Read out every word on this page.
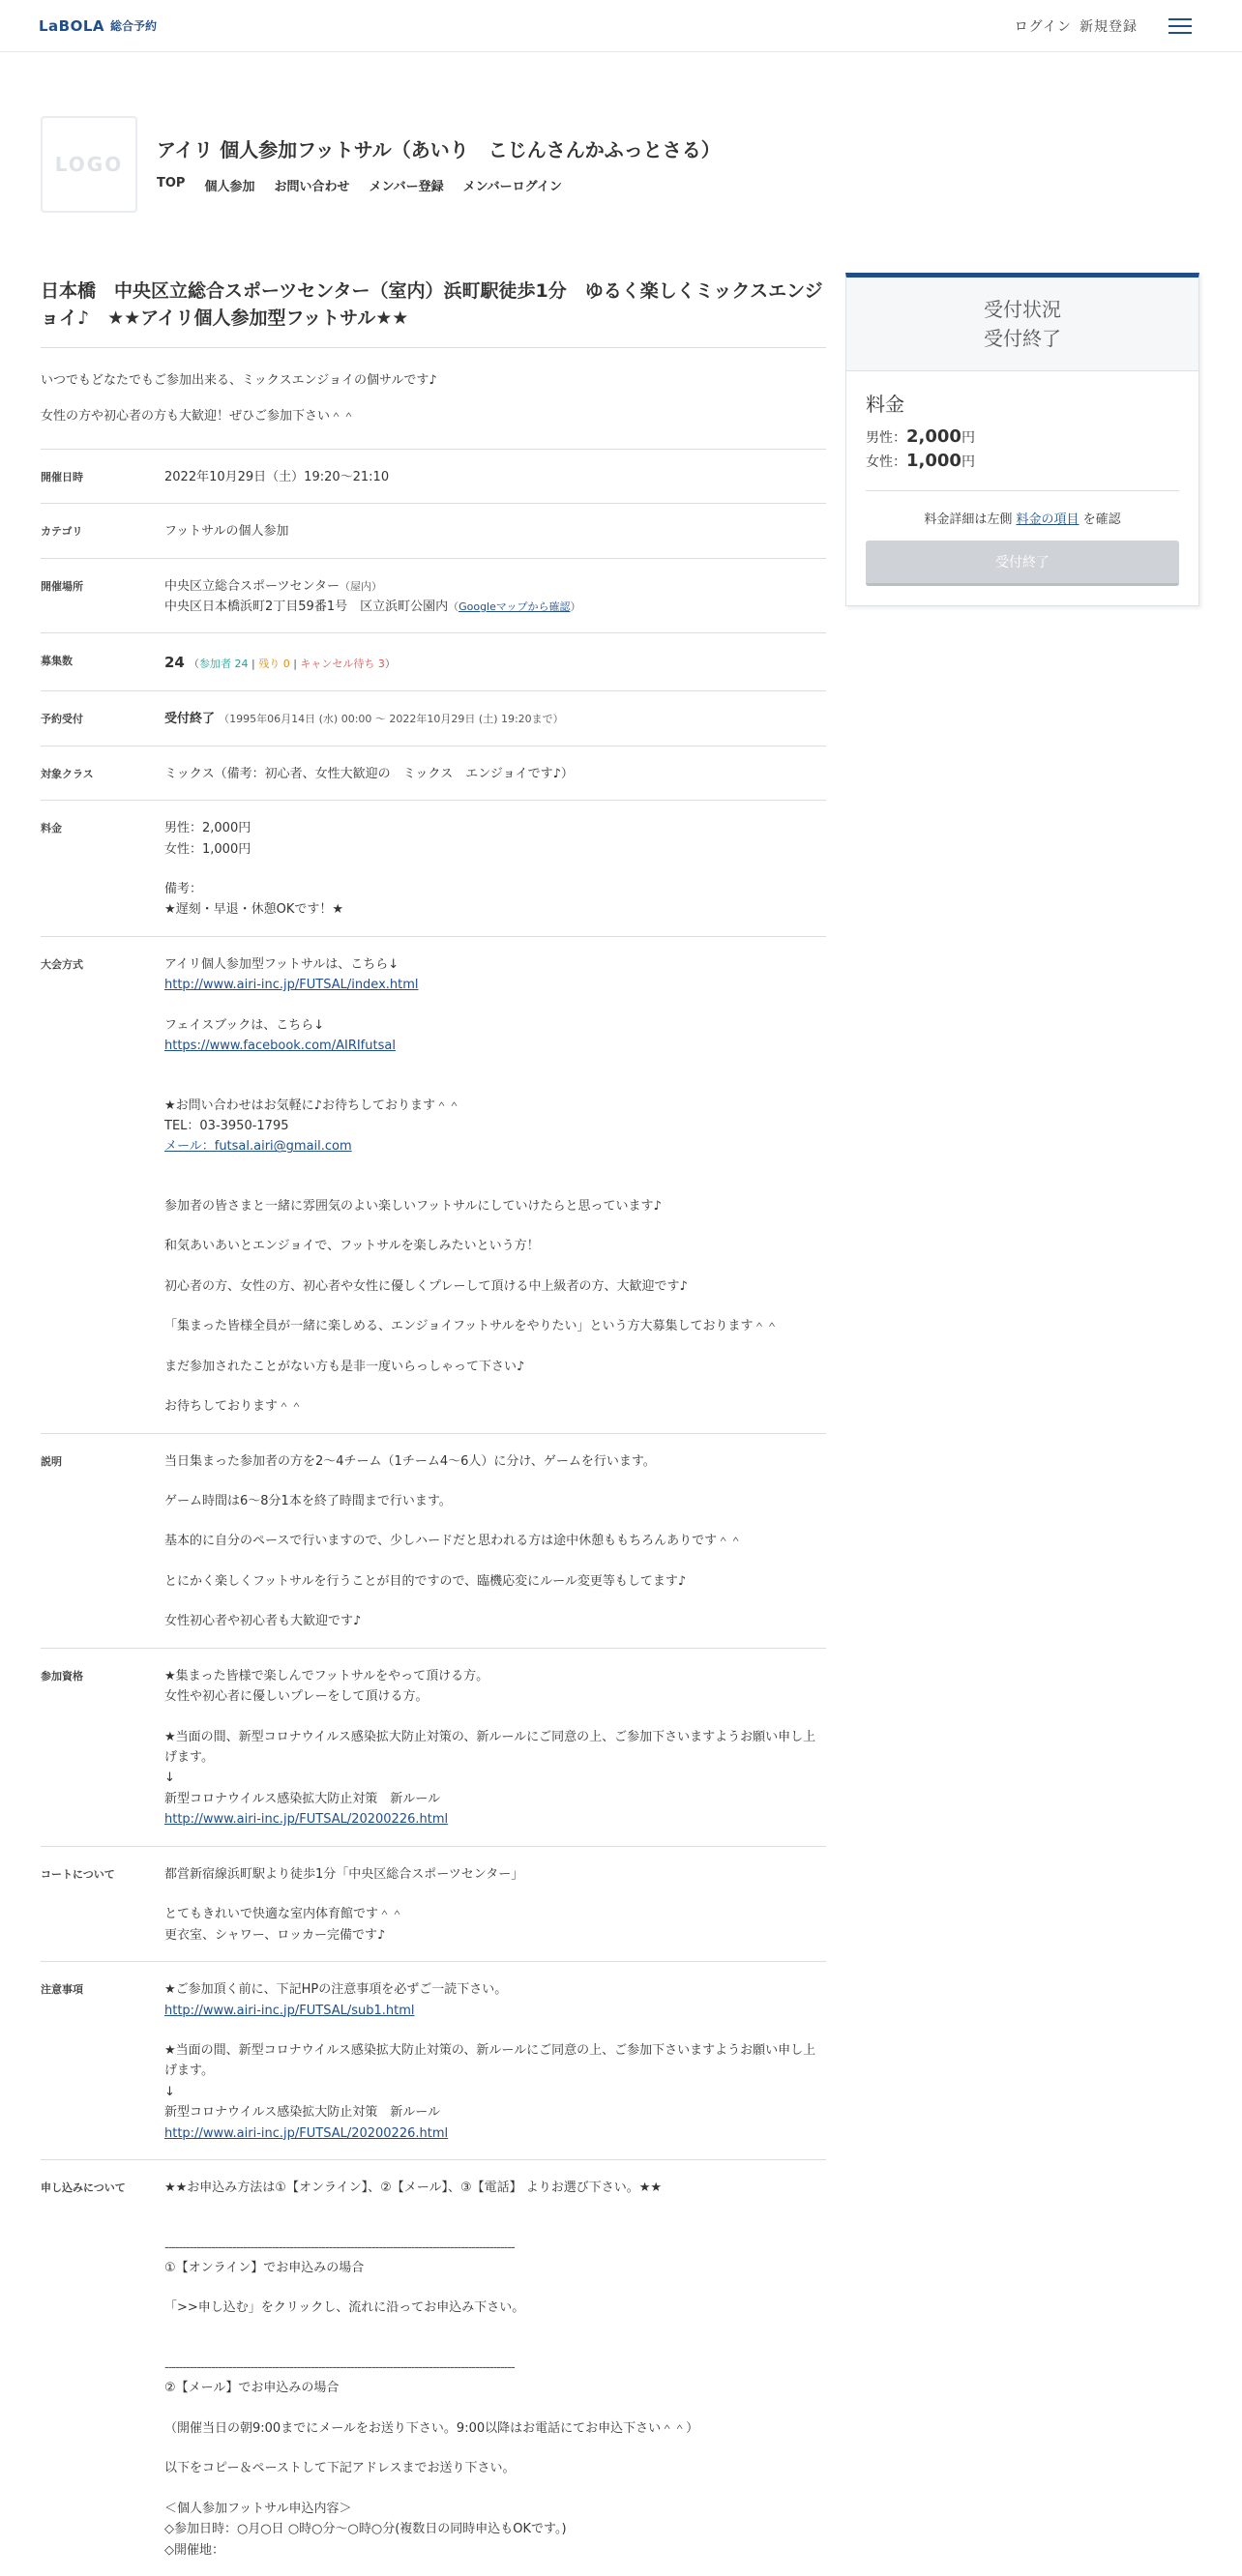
LaBOLA 総合予約	ログイン 新規登録
LOGO
アイリ 個人参加フットサル（あいり　こじんさんかふっとさる）
TOP 個人参加 お問い合わせ メンバー登録 メンバーログイン
日本橋　中央区立総合スポーツセンター（室内）浜町駅徒歩1分　ゆるく楽しくミックスエンジョイ♪　★★アイリ個人参加型フットサル★★

いつでもどなたでもご参加出来る、ミックスエンジョイの個サルです♪

女性の方や初心者の方も大歓迎！ぜひご参加下さい＾＾

開催日時	2022年10月29日（土）19:20～21:10
カテゴリ	フットサルの個人参加
開催場所	中央区立総合スポーツセンター（屋内）
中央区日本橋浜町2丁目59番1号　区立浜町公園内（Googleマップから確認）
募集数	24 （参加者 24 | 残り 0 | キャンセル待ち 3）
予約受付	受付終了 （1995年06月14日 (水) 00:00 〜 2022年10月29日 (土) 19:20まで）
対象クラス	ミックス（備考：初心者、女性大歓迎の　ミックス　エンジョイです♪）
料金	男性：2,000円
女性：1,000円
備考：
★遅刻・早退・休憩OKです！★
大会方式	アイリ個人参加型フットサルは、こちら↓
http://www.airi-inc.jp/FUTSAL/index.html
フェイスブックは、こちら↓
https://www.facebook.com/AIRIfutsal
★お問い合わせはお気軽に♪お待ちしております＾＾
TEL：03-3950-1795
メール：futsal.airi@gmail.com
参加者の皆さまと一緒に雰囲気のよい楽しいフットサルにしていけたらと思っています♪
和気あいあいとエンジョイで、フットサルを楽しみたいという方！
初心者の方、女性の方、初心者や女性に優しくプレーして頂ける中上級者の方、大歓迎です♪
「集まった皆様全員が一緒に楽しめる、エンジョイフットサルをやりたい」という方大募集しております＾＾
まだ参加されたことがない方も是非一度いらっしゃって下さい♪
お待ちしております＾＾
説明	当日集まった参加者の方を2～4チーム（1チーム4～6人）に分け、ゲームを行います。
ゲーム時間は6～8分1本を終了時間まで行います。
基本的に自分のペースで行いますので、少しハードだと思われる方は途中休憩ももちろんありです＾＾
とにかく楽しくフットサルを行うことが目的ですので、臨機応変にルール変更等もしてます♪
女性初心者や初心者も大歓迎です♪
参加資格	★集まった皆様で楽しんでフットサルをやって頂ける方。
女性や初心者に優しいプレーをして頂ける方。
★当面の間、新型コロナウイルス感染拡大防止対策の、新ルールにご同意の上、ご参加下さいますようお願い申し上げます。
↓
新型コロナウイルス感染拡大防止対策　新ルール
http://www.airi-inc.jp/FUTSAL/20200226.html
コートについて	都営新宿線浜町駅より徒歩1分「中央区総合スポーツセンター」
とてもきれいで快適な室内体育館です＾＾
更衣室、シャワー、ロッカー完備です♪
注意事項	★ご参加頂く前に、下記HPの注意事項を必ずご一読下さい。
http://www.airi-inc.jp/FUTSAL/sub1.html
★当面の間、新型コロナウイルス感染拡大防止対策の、新ルールにご同意の上、ご参加下さいますようお願い申し上げます。
↓
新型コロナウイルス感染拡大防止対策　新ルール
http://www.airi-inc.jp/FUTSAL/20200226.html
申し込みについて	★★お申込み方法は①【オンライン】、②【メール】、③【電話】 よりお選び下さい。★★
--------------------------------------------------------------------------------------------------
①【オンライン】でお申込みの場合
「>>申し込む」をクリックし、流れに沿ってお申込み下さい。
--------------------------------------------------------------------------------------------------
②【メール】でお申込みの場合
（開催当日の朝9:00までにメールをお送り下さい。9:00以降はお電話にてお申込下さい＾＾）
以下をコピー＆ペーストして下記アドレスまでお送り下さい。
＜個人参加フットサル申込内容＞
◇参加日時：○月○日 ○時○分～○時○分(複数日の同時申込もOKです。)
◇開催地：
受付状況
受付終了
料金
男性：2,000円
女性：1,000円
料金詳細は左側 料金の項目 を確認
受付終了
